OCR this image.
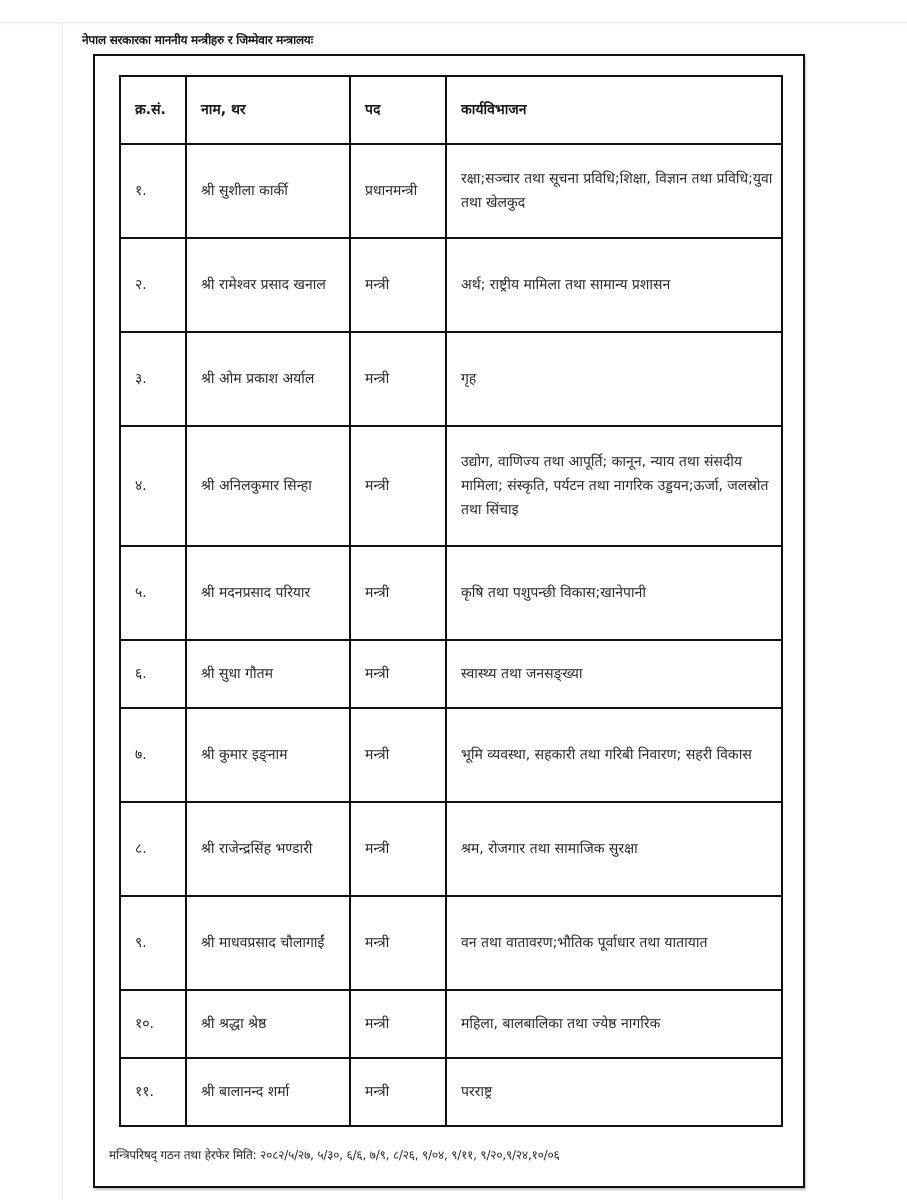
नेपाल सरकारका माननीय मन्त्रीहरु र जिम्मेवार मन्त्रालयः
क्र.सं.	नाम, थर	पद	कार्यविभाजन
१.	श्री सुशीला कार्की	प्रधानमन्त्री	रक्षा;सञ्चार तथा सूचना प्रविधि;शिक्षा, विज्ञान तथा प्रविधि;युवा तथा खेलकुद
२.	श्री रामेश्वर प्रसाद खनाल	मन्त्री	अर्थ; राष्ट्रीय मामिला तथा सामान्य प्रशासन
३.	श्री ओम प्रकाश अर्याल	मन्त्री	गृह
४.	श्री अनिलकुमार सिन्हा	मन्त्री	उद्योग, वाणिज्य तथा आपूर्ति; कानून, न्याय तथा संसदीय मामिला; संस्कृति, पर्यटन तथा नागरिक उड्डयन;ऊर्जा, जलस्रोत तथा सिंचाइ
५.	श्री मदनप्रसाद परियार	मन्त्री	कृषि तथा पशुपन्छी विकास;खानेपानी
६.	श्री सुधा गौतम	मन्त्री	स्वास्थ्य तथा जनसङ्ख्या
७.	श्री कुमार इङ्नाम	मन्त्री	भूमि व्यवस्था, सहकारी तथा गरिबी निवारण; सहरी विकास
८.	श्री राजेन्द्रसिंह भण्डारी	मन्त्री	श्रम, रोजगार तथा सामाजिक सुरक्षा
९.	श्री माधवप्रसाद चौलागाईं	मन्त्री	वन तथा वातावरण;भौतिक पूर्वाधार तथा यातायात
१०.	श्री श्रद्धा श्रेष्ठ	मन्त्री	महिला, बालबालिका तथा ज्येष्ठ नागरिक
११.	श्री बालानन्द शर्मा	मन्त्री	परराष्ट्र
मन्त्रिपरिषद् गठन तथा हेरफेर मिति: २०८२/५/२७, ५/३०, ६/६, ७/९, ८/२६, ९/०४, ९/११, ९/२०,९/२४,१०/०६
